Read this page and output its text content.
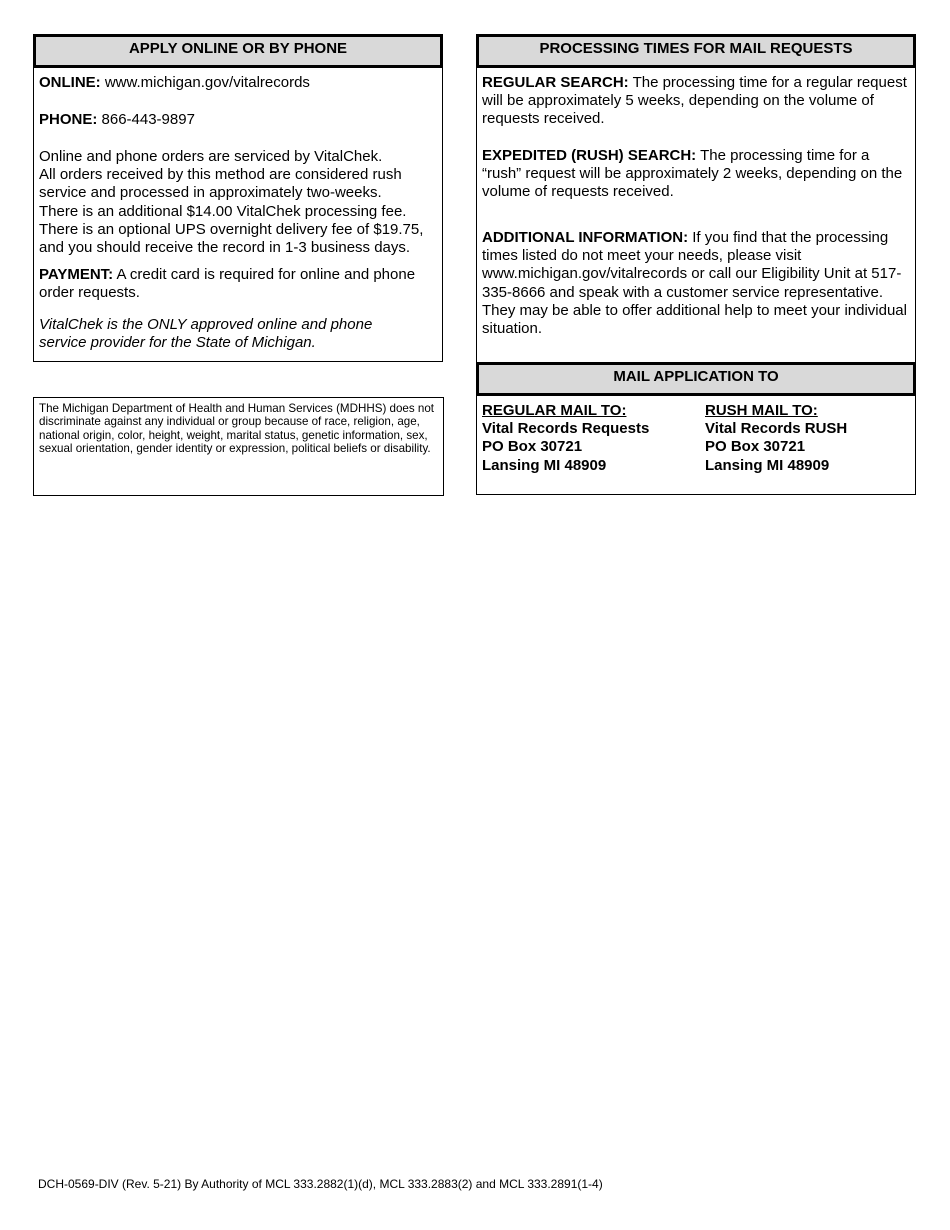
APPLY ONLINE OR BY PHONE
ONLINE: www.michigan.gov/vitalrecords
PHONE: 866-443-9897

Online and phone orders are serviced by VitalChek.

All orders received by this method are considered rush

service and processed in approximately two-weeks.

There is an additional $14.00 VitalChek processing fee.

There is an optional UPS overnight delivery fee of $19.75,

and you should receive the record in 1-3 business days.

PAYMENT: A credit card is required for online and phone order requests.
VitalChek is the ONLY approved online and phone service provider for the State of Michigan.
The Michigan Department of Health and Human Services (MDHHS) does not discriminate against any individual or group because of race, religion, age, national origin, color, height, weight, marital status, genetic information, sex, sexual orientation, gender identity or expression, political beliefs or disability.
PROCESSING TIMES FOR MAIL REQUESTS
REGULAR SEARCH: The processing time for a regular request will be approximately 5 weeks, depending on the volume of requests received.
EXPEDITED (RUSH) SEARCH: The processing time for a “rush” request will be approximately 2 weeks, depending on the volume of requests received.
ADDITIONAL INFORMATION: If you find that the processing times listed do not meet your needs, please visit www.michigan.gov/vitalrecords or call our Eligibility Unit at 517-335-8666 and speak with a customer service representative. They may be able to offer additional help to meet your individual situation.
MAIL APPLICATION TO

REGULAR MAIL TO:

Vital Records Requests

PO Box 30721

Lansing MI 48909

RUSH MAIL TO:

Vital Records RUSH

PO Box 30721

Lansing MI 48909

DCH-0569-DIV (Rev. 5-21) By Authority of MCL 333.2882(1)(d), MCL 333.2883(2) and MCL 333.2891(1-4)
